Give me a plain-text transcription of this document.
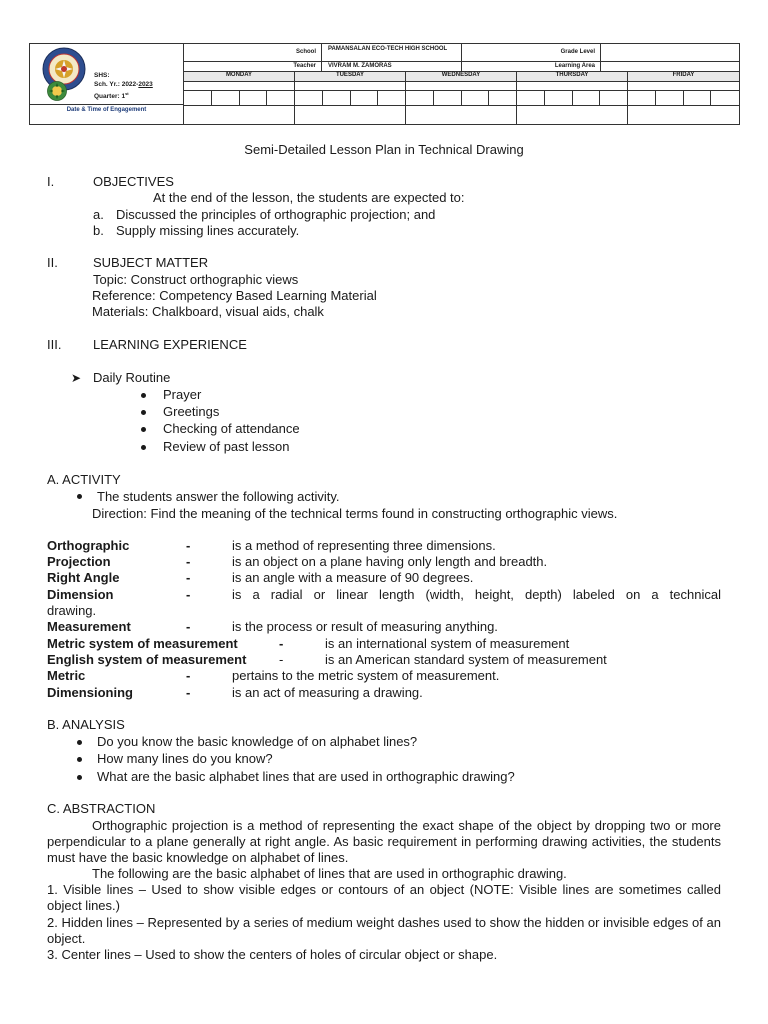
SHS:
Sch. Yr.: 2022-2023
Quarter: 1st
Date & Time of Engagement
School PAMANSALAN ECO-TECH HIGH SCHOOL	Grade Level
Teacher VIVRAM M. ZAMORAS	Learning Area
MONDAY	TUESDAY	WEDNESDAY	THURSDAY	FRIDAY
Semi-Detailed Lesson Plan in Technical Drawing
I.	OBJECTIVES
At the end of the lesson, the students are expected to:
a. Discussed the principles of orthographic projection; and
b. Supply missing lines accurately.
II.	SUBJECT MATTER
Topic: Construct orthographic views
Reference: Competency Based Learning Material
Materials: Chalkboard, visual aids, chalk
III. LEARNING EXPERIENCE
➤ Daily Routine
Prayer
Greetings
Checking of attendance
Review of past lesson
A. ACTIVITY
The students answer the following activity.
Direction: Find the meaning of the technical terms found in constructing orthographic views.
Orthographic	-	is a method of representing three dimensions.
Projection	-	is an object on a plane having only length and breadth.
Right Angle	-	is an angle with a measure of 90 degrees.
Dimension	-	is a radial or linear length (width, height, depth) labeled on a technical
drawing.
Measurement	-	is the process or result of measuring anything.
Metric system of measurement	-	is an international system of measurement
English system of measurement	-	is an American standard system of measurement
Metric	-	pertains to the metric system of measurement.
Dimensioning	-	is an act of measuring a drawing.
B. ANALYSIS
Do you know the basic knowledge of on alphabet lines?
How many lines do you know?
What are the basic alphabet lines that are used in orthographic drawing?
C. ABSTRACTION
Orthographic projection is a method of representing the exact shape of the object by dropping two or more perpendicular to a plane generally at right angle. As basic requirement in performing drawing activities, the students must have the basic knowledge on alphabet of lines.
The following are the basic alphabet of lines that are used in orthographic drawing.
1. Visible lines – Used to show visible edges or contours of an object (NOTE: Visible lines are sometimes called object lines.)
2. Hidden lines – Represented by a series of medium weight dashes used to show the hidden or invisible edges of an object.
3. Center lines – Used to show the centers of holes of circular object or shape.
